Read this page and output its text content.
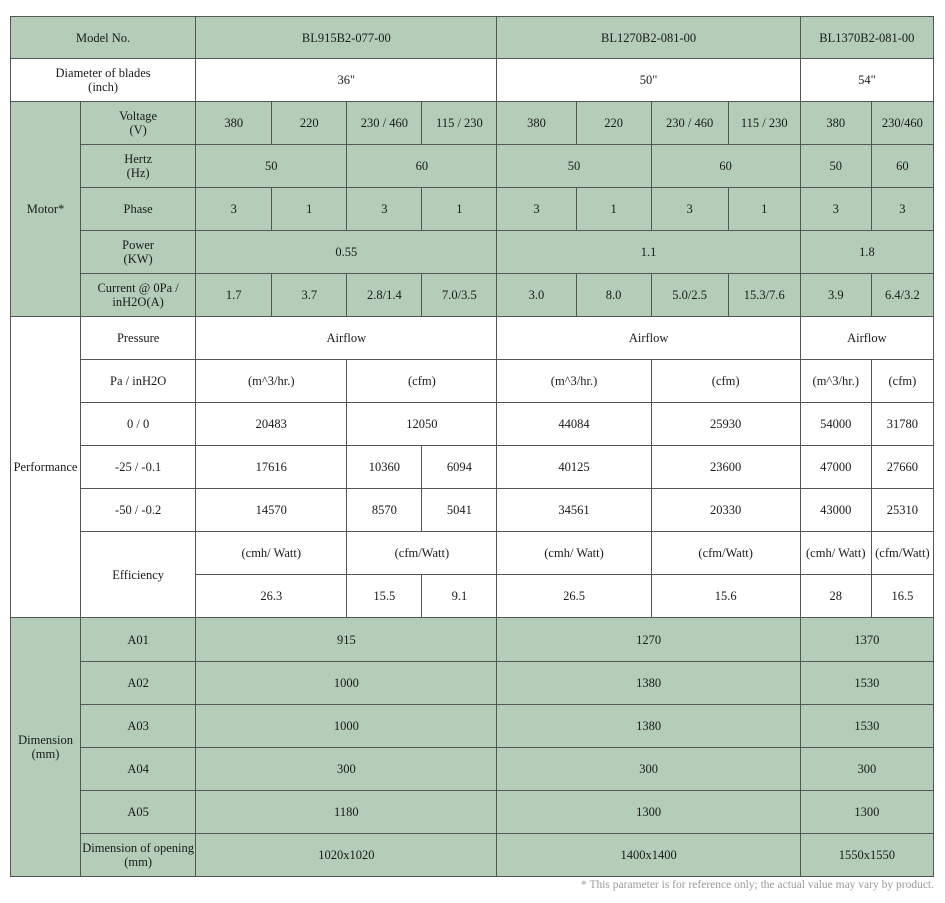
Model No.		BL915B2-077-00				BL1270B2-081-00				BL1370B2-081-00	
Diameter of blades
(inch)		36"				50"				54"	
Motor*	Voltage
(V)	380	220	230 / 460	115 / 230	380	220	230 / 460	115 / 230	380	230/460
	Hertz
(Hz)	50		60		50		60		50	60
	Phase	3	1	3	1	3	1	3	1	3	3
	Power
(KW)	0.55				1.1				1.8	
	Current @ 0Pa /
inH2O(A)	1.7	3.7	2.8/1.4	7.0/3.5	3.0	8.0	5.0/2.5	15.3/7.6	3.9	6.4/3.2
Performance	Pressure	Airflow				Airflow				Airflow	
	Pa / inH2O	(m^3/hr.)		(cfm)		(m^3/hr.)		(cfm)		(m^3/hr.)	(cfm)
	0 / 0	20483		12050		44084		25930		54000	31780
	-25 / -0.1	17616		10360	6094	40125		23600		47000	27660
	-50 / -0.2	14570		8570	5041	34561		20330		43000	25310
	Efficiency	(cmh/ Watt)		(cfm/Watt)		(cmh/ Watt)		(cfm/Watt)		(cmh/ Watt)	(cfm/Watt)
		26.3		15.5	9.1	26.5		15.6		28	16.5
Dimension
(mm)	A01	915				1270				1370	
	A02	1000				1380				1530	
	A03	1000				1380				1530	
	A04	300				300				300	
	A05	1180				1300				1300	
	Dimension of opening
(mm)	1020x1020				1400x1400				1550x1550	
* This parameter is for reference only; the actual value may vary by product.
